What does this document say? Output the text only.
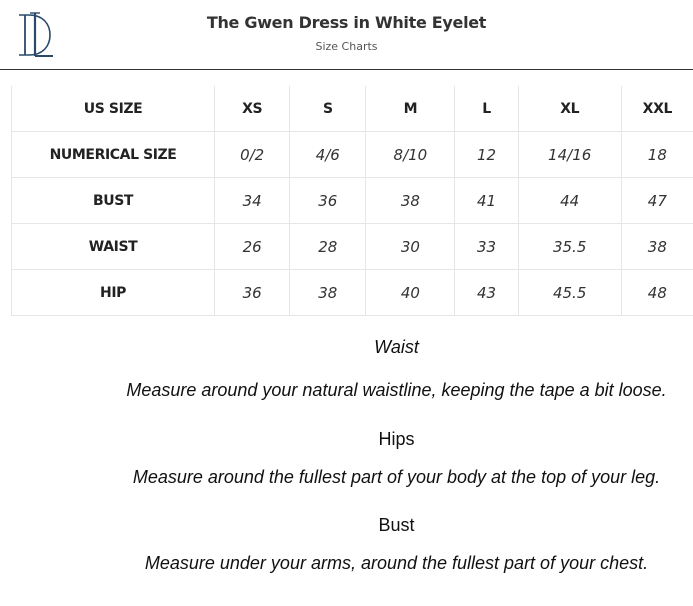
The Gwen Dress in White Eyelet
Size Charts
US SIZE	XS	S	M	L	XL	XXL
NUMERICAL SIZE	0/2	4/6	8/10	12	14/16	18
BUST	34	36	38	41	44	47
WAIST	26	28	30	33	35.5	38
HIP	36	38	40	43	45.5	48
Waist
Measure around your natural waistline, keeping the tape a bit loose.
Hips
Measure around the fullest part of your body at the top of your leg.
Bust
Measure under your arms, around the fullest part of your chest.
